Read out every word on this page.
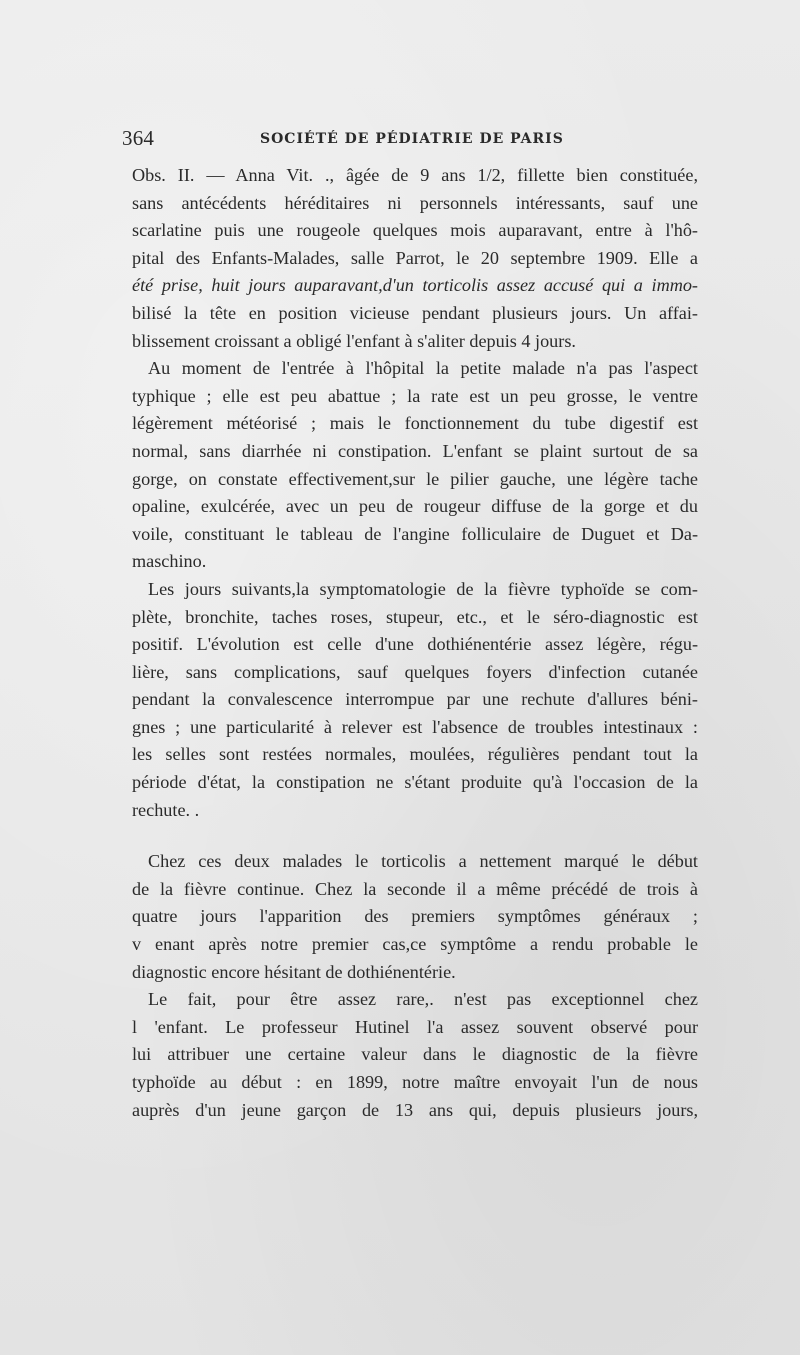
364	SOCIÉTÉ DE PÉDIATRIE DE PARIS
Obs. II. — Anna Vit. ., âgée de 9 ans 1/2, fillette bien constituée,
sans antécédents héréditaires ni personnels intéressants, sauf une
scarlatine puis une rougeole quelques mois auparavant, entre à l'hô-
pital des Enfants-Malades, salle Parrot, le 20 septembre 1909. Elle a
été prise, huit jours auparavant,d'un torticolis assez accusé qui a immo-
bilisé la tête en position vicieuse pendant plusieurs jours. Un affai-
blissement croissant a obligé l'enfant à s'aliter depuis 4 jours.
Au moment de l'entrée à l'hôpital la petite malade n'a pas l'aspect
typhique ; elle est peu abattue ; la rate est un peu grosse, le ventre
légèrement météorisé ; mais le fonctionnement du tube digestif est
normal, sans diarrhée ni constipation. L'enfant se plaint surtout de sa
gorge, on constate effectivement,sur le pilier gauche, une légère tache
opaline, exulcérée, avec un peu de rougeur diffuse de la gorge et du
voile, constituant le tableau de l'angine folliculaire de Duguet et Da-
maschino.
Les jours suivants,la symptomatologie de la fièvre typhoïde se com-
plète, bronchite, taches roses, stupeur, etc., et le séro-diagnostic est
positif. L'évolution est celle d'une dothiénentérie assez légère, régu-
lière, sans complications, sauf quelques foyers d'infection cutanée
pendant la convalescence interrompue par une rechute d'allures béni-
gnes ; une particularité à relever est l'absence de troubles intestinaux :
les selles sont restées normales, moulées, régulières pendant tout la
période d'état, la constipation ne s'étant produite qu'à l'occasion de la
rechute. .
Chez ces deux malades le torticolis a nettement marqué le début
de la fièvre continue. Chez la seconde il a même précédé de trois à
quatre jours l'apparition des premiers symptômes généraux ;
v enant après notre premier cas,ce symptôme a rendu probable le
diagnostic encore hésitant de dothiénentérie.
Le fait, pour être assez rare,. n'est pas exceptionnel chez
l 'enfant. Le professeur Hutinel l'a assez souvent observé pour
lui attribuer une certaine valeur dans le diagnostic de la fièvre
typhoïde au début : en 1899, notre maître envoyait l'un de nous
auprès d'un jeune garçon de 13 ans qui, depuis plusieurs jours,
